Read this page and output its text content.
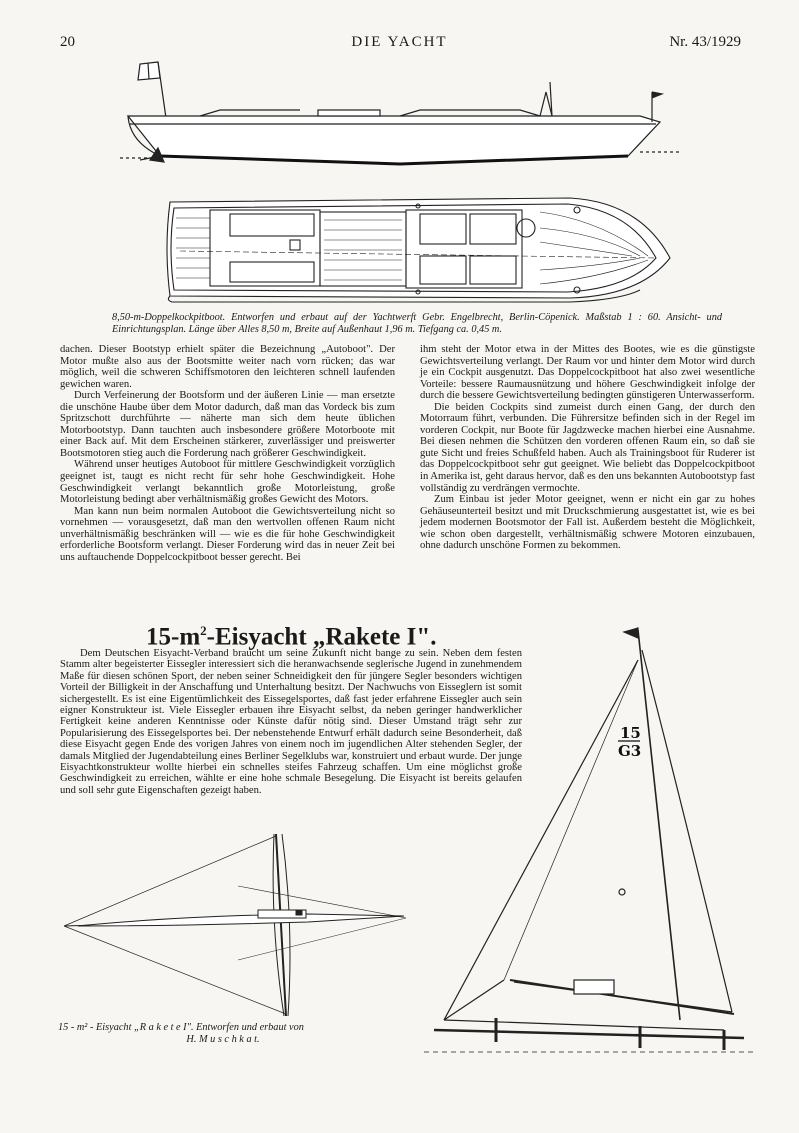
DIE YACHT
20	Nr. 43/1929
8,50-m-Doppelkockpitboot. Entworfen und erbaut auf der Yachtwerft Gebr. Engelbrecht, Berlin-Cöpenick. Maßstab 1 : 60. Ansicht- und Einrichtungsplan. Länge über Alles 8,50 m, Breite auf Außenhaut 1,96 m. Tiefgang ca. 0,45 m.

dachen. Dieser Bootstyp erhielt später die Bezeichnung „Autoboot". Der Motor mußte also aus der Bootsmitte weiter nach vorn rücken; das war möglich, weil die schweren Schiffsmotoren den leichteren schnell laufenden gewichen waren.

Durch Verfeinerung der Bootsform und der äußeren Linie — man ersetzte die unschöne Haube über dem Motor dadurch, daß man das Vordeck bis zum Spritzschott durchführte — näherte man sich dem heute üblichen Motorbootstyp. Dann tauchten auch insbesondere größere Motorboote mit einer Back auf. Mit dem Erscheinen stärkerer, zuverlässiger und preiswerter Bootsmotoren stieg auch die Forderung nach größerer Geschwindigkeit.

Während unser heutiges Autoboot für mittlere Geschwindigkeit vorzüglich geeignet ist, taugt es nicht recht für sehr hohe Geschwindigkeit. Hohe Geschwindigkeit verlangt bekanntlich große Motorleistung, große Motorleistung bedingt aber verhältnismäßig großes Gewicht des Motors.

Man kann nun beim normalen Autoboot die Gewichtsverteilung nicht so vornehmen — vorausgesetzt, daß man den wertvollen offenen Raum nicht unverhältnismäßig beschränken will — wie es die für hohe Geschwindigkeit erforderliche Bootsform verlangt. Dieser Forderung wird das in neuer Zeit bei uns auftauchende Doppelcockpitboot besser gerecht. Bei

ihm steht der Motor etwa in der Mittes des Bootes, wie es die günstigste Gewichtsverteilung verlangt. Der Raum vor und hinter dem Motor wird durch je ein Cockpit ausgenutzt. Das Doppelcockpitboot hat also zwei wesentliche Vorteile: bessere Raumausnützung und höhere Geschwindigkeit infolge der durch die bessere Gewichtsverteilung bedingten günstigeren Unterwasserform.

Die beiden Cockpits sind zumeist durch einen Gang, der durch den Motorraum führt, verbunden. Die Führersitze befinden sich in der Regel im vorderen Cockpit, nur Boote für Jagdzwecke machen hierbei eine Ausnahme. Bei diesen nehmen die Schützen den vorderen offenen Raum ein, so daß sie gute Sicht und freies Schußfeld haben. Auch als Trainingsboot für Ruderer ist das Doppelcockpitboot sehr gut geeignet. Wie beliebt das Doppelcockpitboot in Amerika ist, geht daraus hervor, daß es den uns bekannten Autobootstyp fast vollständig zu verdrängen vermochte.

Zum Einbau ist jeder Motor geeignet, wenn er nicht ein gar zu hohes Gehäuseunterteil besitzt und mit Druckschmierung ausgestattet ist, wie es bei jedem modernen Bootsmotor der Fall ist. Außerdem besteht die Möglichkeit, wie schon oben dargestellt, verhältnismäßig schwere Motoren einzubauen, ohne dadurch unschöne Formen zu bekommen.

$15-m^2$-Eisyacht „Rakete I".

Dem Deutschen Eisyacht-Verband braucht um seine Zukunft nicht bange zu sein. Neben dem festen Stamm alter begeisterter Eissegler interessiert sich die heranwachsende seglerische Jugend in zunehmendem Maße für diesen schönen Sport, der neben seiner Schneidigkeit den für jüngere Segler besonders wichtigen Vorteil der Billigkeit in der Anschaffung und Unterhaltung besitzt. Der Nachwuchs von Eisseglern ist somit sichergestellt. Es ist eine Eigentümlichkeit des Eissegelsportes, daß fast jeder erfahrene Eissegler auch sein eigner Konstrukteur ist. Viele Eissegler erbauen ihre Eisyacht selbst, da neben geringer handwerklicher Fertigkeit keine anderen Kenntnisse oder Künste dafür nötig sind. Dieser Umstand trägt sehr zur Popularisierung des Eissegelsportes bei. Der nebenstehende Entwurf erhält dadurch seine Besonderheit, daß diese Eisyacht gegen Ende des vorigen Jahres von einem noch im jugendlichen Alter stehenden Segler, der damals Mitglied der Jugendabteilung eines Berliner Segelklubs war, konstruiert und erbaut wurde. Der junge Eisyachtkonstrukteur wollte hierbei ein schnelles steifes Fahrzeug schaffen. Um eine möglichst große Geschwindigkeit zu erreichen, wählte er eine hohe schmale Besegelung. Die Eisyacht ist bereits gelaufen und soll sehr gute Eigenschaften gezeigt haben.

15 - m² - Eisyacht „R a k e t e I". Entworfen und erbaut von
H. M u s c h k a t.
15
G3
